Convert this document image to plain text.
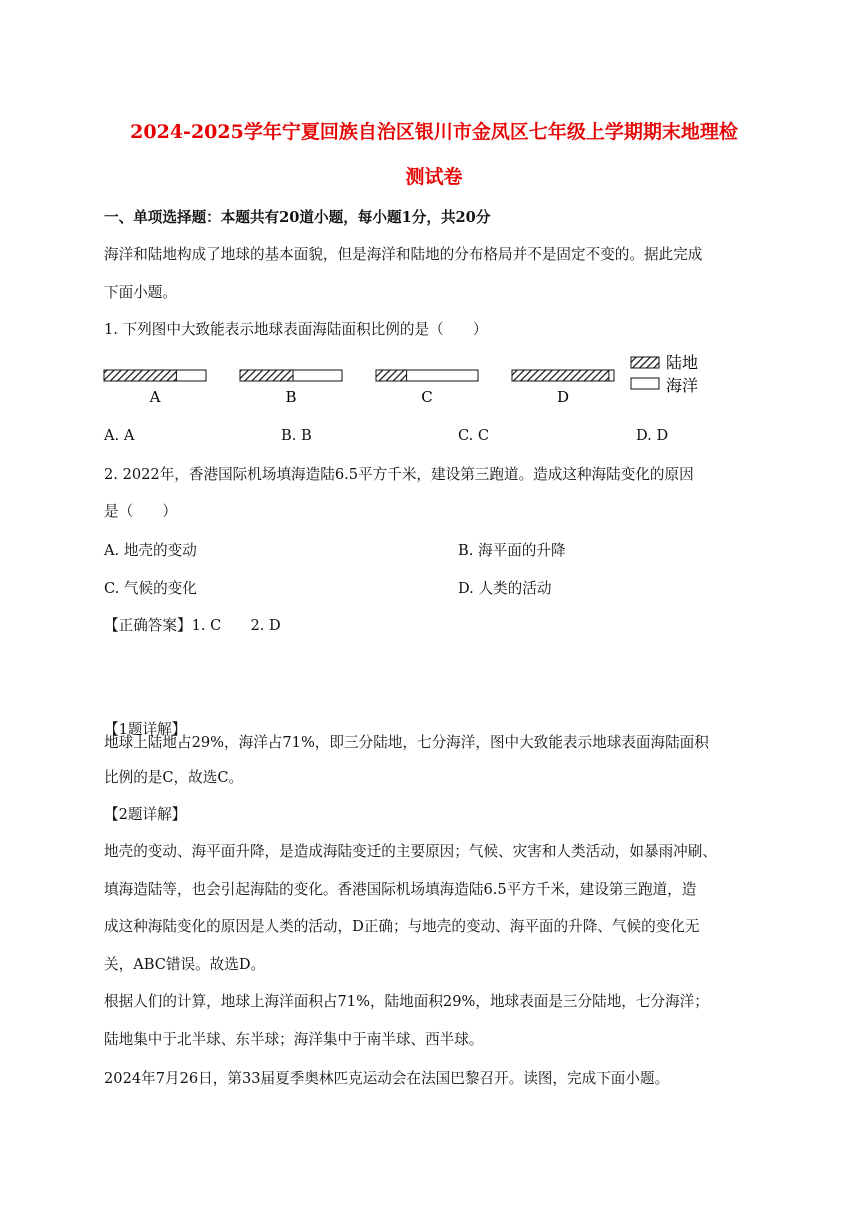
2024-2025学年宁夏回族自治区银川市金凤区七年级上学期期末地理检
测试卷
一、单项选择题：本题共有20道小题，每小题1分，共20分
海洋和陆地构成了地球的基本面貌，但是海洋和陆地的分布格局并不是固定不变的。据此完成
下面小题。
1. 下列图中大致能表示地球表面海陆面积比例的是（　　）
A	B	C	D
陆地
海洋
A. A	B. B	C. C	D. D
2. 2022年，香港国际机场填海造陆6.5平方千米，建设第三跑道。造成这种海陆变化的原因
是（　　）
A. 地壳的变动	B. 海平面的升降
C. 气候的变化	D. 人类的活动
【正确答案】1. C　　2. D
【1题详解】
地球上陆地占29%，海洋占71%，即三分陆地，七分海洋，图中大致能表示地球表面海陆面积
比例的是C，故选C。
【2题详解】
地壳的变动、海平面升降，是造成海陆变迁的主要原因；气候、灾害和人类活动，如暴雨冲刷、
填海造陆等，也会引起海陆的变化。香港国际机场填海造陆6.5平方千米，建设第三跑道，造
成这种海陆变化的原因是人类的活动，D正确；与地壳的变动、海平面的升降、气候的变化无
关，ABC错误。故选D。
根据人们的计算，地球上海洋面积占71%，陆地面积29%，地球表面是三分陆地，七分海洋；
陆地集中于北半球、东半球；海洋集中于南半球、西半球。
2024年7月26日，第33届夏季奥林匹克运动会在法国巴黎召开。读图，完成下面小题。
